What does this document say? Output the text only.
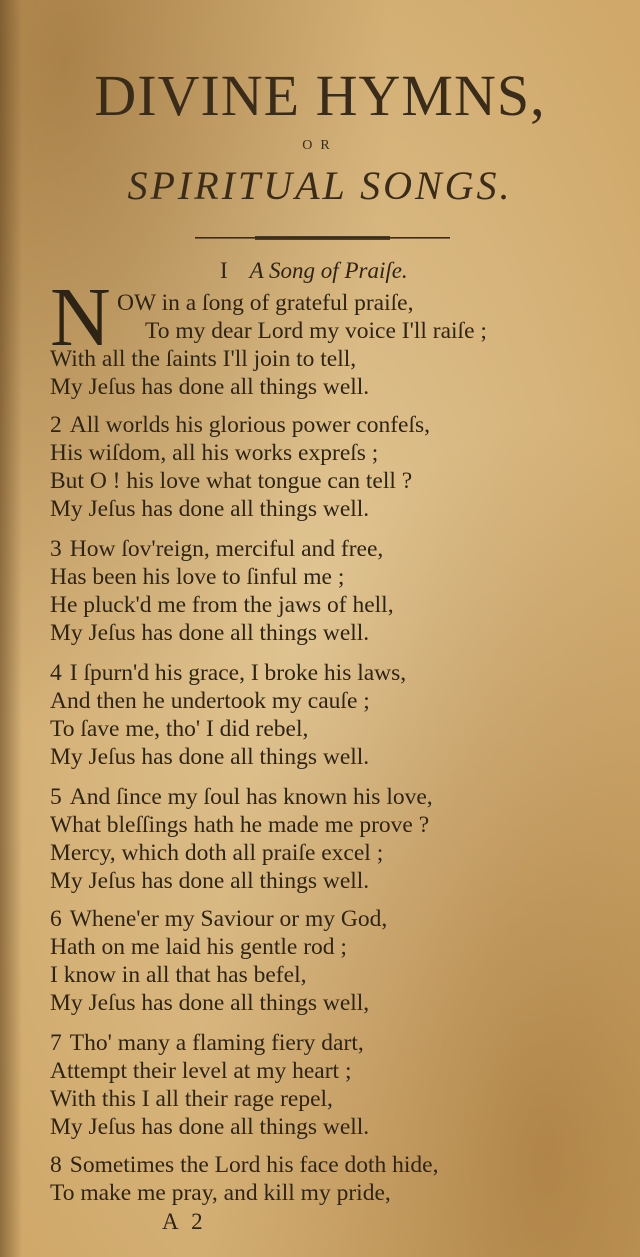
DIVINE HYMNS,
OR
SPIRITUAL SONGS.
I A Song of Praiſe.
N OW in a ſong of grateful praiſe,
To my dear Lord my voice I'll raiſe ;
With all the ſaints I'll join to tell,
My Jeſus has done all things well.
2 All worlds his glorious power confeſs,
His wiſdom, all his works expreſs ;
But O ! his love what tongue can tell ?
My Jeſus has done all things well.
3 How ſov'reign, merciful and free,
Has been his love to ſinful me ;
He pluck'd me from the jaws of hell,
My Jeſus has done all things well.
4 I ſpurn'd his grace, I broke his laws,
And then he undertook my cauſe ;
To ſave me, tho' I did rebel,
My Jeſus has done all things well.
5 And ſince my ſoul has known his love,
What bleſſings hath he made me prove ?
Mercy, which doth all praiſe excel ;
My Jeſus has done all things well.
6 Whene'er my Saviour or my God,
Hath on me laid his gentle rod ;
I know in all that has befel,
My Jeſus has done all things well,
7 Tho' many a flaming fiery dart,
Attempt their level at my heart ;
With this I all their rage repel,
My Jeſus has done all things well.
8 Sometimes the Lord his face doth hide,
To make me pray, and kill my pride,
A 2
